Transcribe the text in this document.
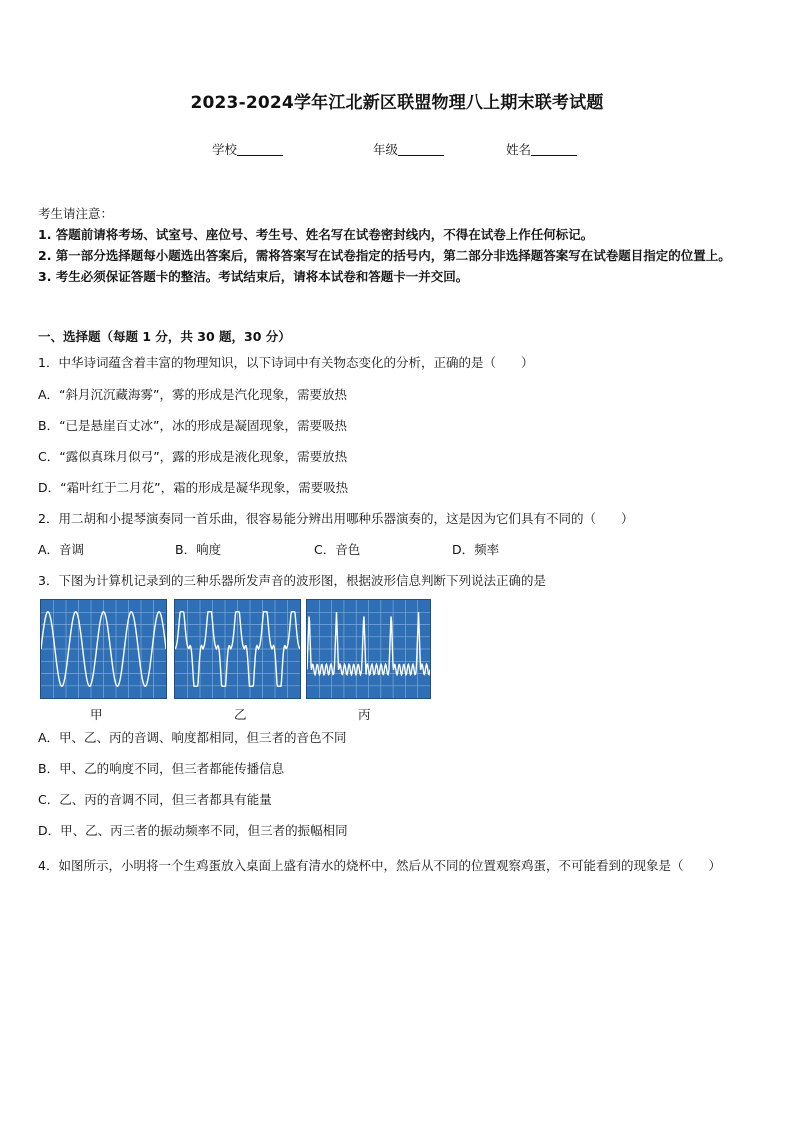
2023-2024学年江北新区联盟物理八上期末联考试题
学校	年级	姓名

考生请注意：

1. 答题前请将考场、试室号、座位号、考生号、姓名写在试卷密封线内，不得在试卷上作任何标记。

2. 第一部分选择题每小题选出答案后，需将答案写在试卷指定的括号内，第二部分非选择题答案写在试卷题目指定的位置上。

3. 考生必须保证答题卡的整洁。考试结束后，请将本试卷和答题卡一并交回。

一、选择题（每题 1 分，共 30 题，30 分）
1．中华诗词蕴含着丰富的物理知识，以下诗词中有关物态变化的分析，正确的是（　　）
A．“斜月沉沉藏海雾”，雾的形成是汽化现象，需要放热
B．“已是悬崖百丈冰”，冰的形成是凝固现象，需要吸热
C．“露似真珠月似弓”，露的形成是液化现象，需要放热
D．“霜叶红于二月花”，霜的形成是凝华现象，需要吸热
2．用二胡和小提琴演奏同一首乐曲，很容易能分辨出用哪种乐器演奏的，这是因为它们具有不同的（　　）
A．音调	B．响度	C．音色	D．频率
3．下图为计算机记录到的三种乐器所发声音的波形图，根据波形信息判断下列说法正确的是
甲	乙	丙
A．甲、乙、丙的音调、响度都相同，但三者的音色不同
B．甲、乙的响度不同，但三者都能传播信息
C．乙、丙的音调不同，但三者都具有能量
D．甲、乙、丙三者的振动频率不同，但三者的振幅相同
4．如图所示，小明将一个生鸡蛋放入桌面上盛有清水的烧杯中，然后从不同的位置观察鸡蛋，不可能看到的现象是（　　）
